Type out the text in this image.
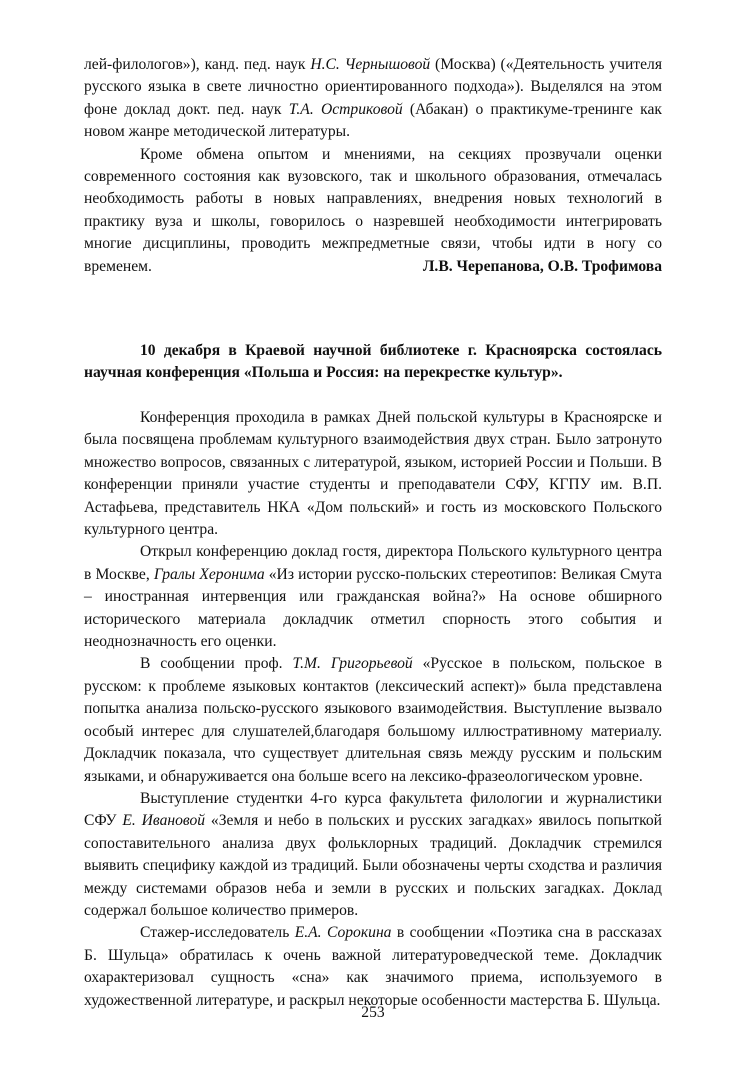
лей-филологов»), канд. пед. наук Н.С. Чернышовой (Москва) («Деятельность учителя русского языка в свете личностно ориентированного подхода»). Выделялся на этом фоне доклад докт. пед. наук Т.А. Остриковой (Абакан) о практикуме-тренинге как новом жанре методической литературы.

Кроме обмена опытом и мнениями, на секциях прозвучали оценки современного состояния как вузовского, так и школьного образования, отмечалась необходимость работы в новых направлениях, внедрения новых технологий в практику вуза и школы, говорилось о назревшей необходимости интегрировать многие дисциплины, проводить межпредметные связи, чтобы идти в ногу со временем.	Л.В. Черепанова, О.В. Трофимова
10 декабря в Краевой научной библиотеке г. Красноярска состоялась научная конференция «Польша и Россия: на перекрестке культур».

Конференция проходила в рамках Дней польской культуры в Красноярске и была посвящена проблемам культурного взаимодействия двух стран. Было затронуто множество вопросов, связанных с литературой, языком, историей России и Польши. В конференции приняли участие студенты и преподаватели СФУ, КГПУ им. В.П. Астафьева, представитель НКА «Дом польский» и гость из московского Польского культурного центра.

Открыл конференцию доклад гостя, директора Польского культурного центра в Москве, Гралы Херонима «Из истории русско-польских стереотипов: Великая Смута – иностранная интервенция или гражданская война?» На основе обширного исторического материала докладчик отметил спорность этого события и неоднозначность его оценки.

В сообщении проф. Т.М. Григорьевой «Русское в польском, польское в русском: к проблеме языковых контактов (лексический аспект)» была представлена попытка анализа польско-русского языкового взаимодействия. Выступление вызвало особый интерес для слушателей,благодаря большому иллюстративному материалу. Докладчик показала, что существует длительная связь между русским и польским языками, и обнаруживается она больше всего на лексико-фразеологическом уровне.

Выступление студентки 4-го курса факультета филологии и журналистики СФУ Е. Ивановой «Земля и небо в польских и русских загадках» явилось попыткой сопоставительного анализа двух фольклорных традиций. Докладчик стремился выявить специфику каждой из традиций. Были обозначены черты сходства и различия между системами образов неба и земли в русских и польских загадках. Доклад содержал большое количество примеров.

Стажер-исследователь Е.А. Сорокина в сообщении «Поэтика сна в рассказах Б. Шульца» обратилась к очень важной литературоведческой теме. Докладчик охарактеризовал сущность «сна» как значимого приема, используемого в художественной литературе, и раскрыл некоторые особенности мастерства Б. Шульца.

253
